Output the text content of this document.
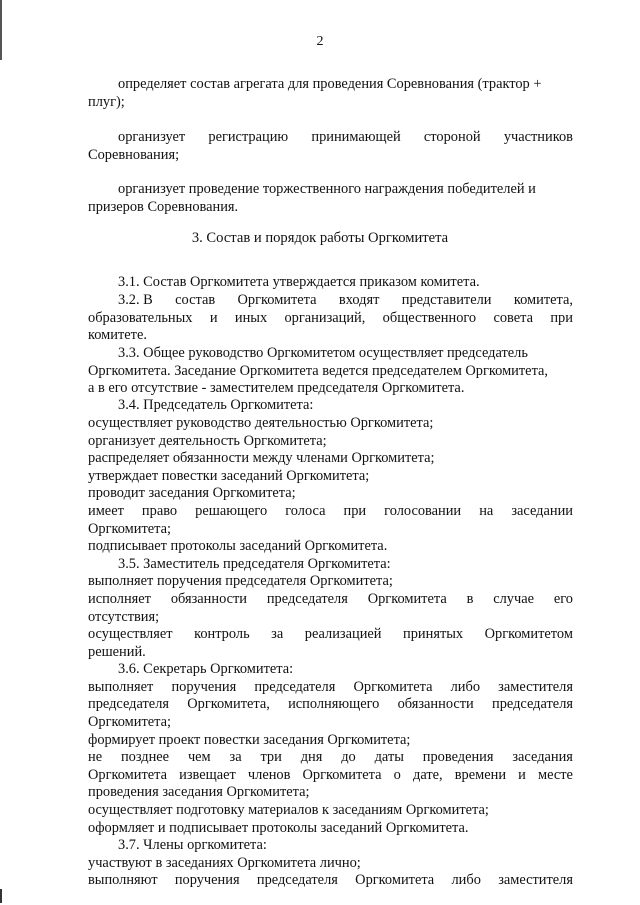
2
3. Состав и порядок работы Оргкомитета
определяет состав агрегата для проведения Соревнования (трактор +
плуг);
организует регистрацию принимающей стороной участников
Соревнования;
организует проведение торжественного награждения победителей и
призеров Соревнования.
3.1. Состав Оргкомитета утверждается приказом комитета.
3.2. В состав Оргкомитета входят представители комитета,
образовательных и иных организаций, общественного совета при
комитете.
3.3. Общее руководство Оргкомитетом осуществляет председатель
Оргкомитета. Заседание Оргкомитета ведется председателем Оргкомитета,
а в его отсутствие - заместителем председателя Оргкомитета.
3.4. Председатель Оргкомитета:
осуществляет руководство деятельностью Оргкомитета;
организует деятельность Оргкомитета;
распределяет обязанности между членами Оргкомитета;
утверждает повестки заседаний Оргкомитета;
проводит заседания Оргкомитета;
имеет право решающего голоса при голосовании на заседании
Оргкомитета;
подписывает протоколы заседаний Оргкомитета.
3.5. Заместитель председателя Оргкомитета:
выполняет поручения председателя Оргкомитета;
исполняет обязанности председателя Оргкомитета в случае его
отсутствия;
осуществляет контроль за реализацией принятых Оргкомитетом
решений.
3.6. Секретарь Оргкомитета:
выполняет поручения председателя Оргкомитета либо заместителя
председателя Оргкомитета, исполняющего обязанности председателя
Оргкомитета;
формирует проект повестки заседания Оргкомитета;
не позднее чем за три дня до даты проведения заседания
Оргкомитета извещает членов Оргкомитета о дате, времени и месте
проведения заседания Оргкомитета;
осуществляет подготовку материалов к заседаниям Оргкомитета;
оформляет и подписывает протоколы заседаний Оргкомитета.
3.7. Члены оргкомитета:
участвуют в заседаниях Оргкомитета лично;
выполняют поручения председателя Оргкомитета либо заместителя
